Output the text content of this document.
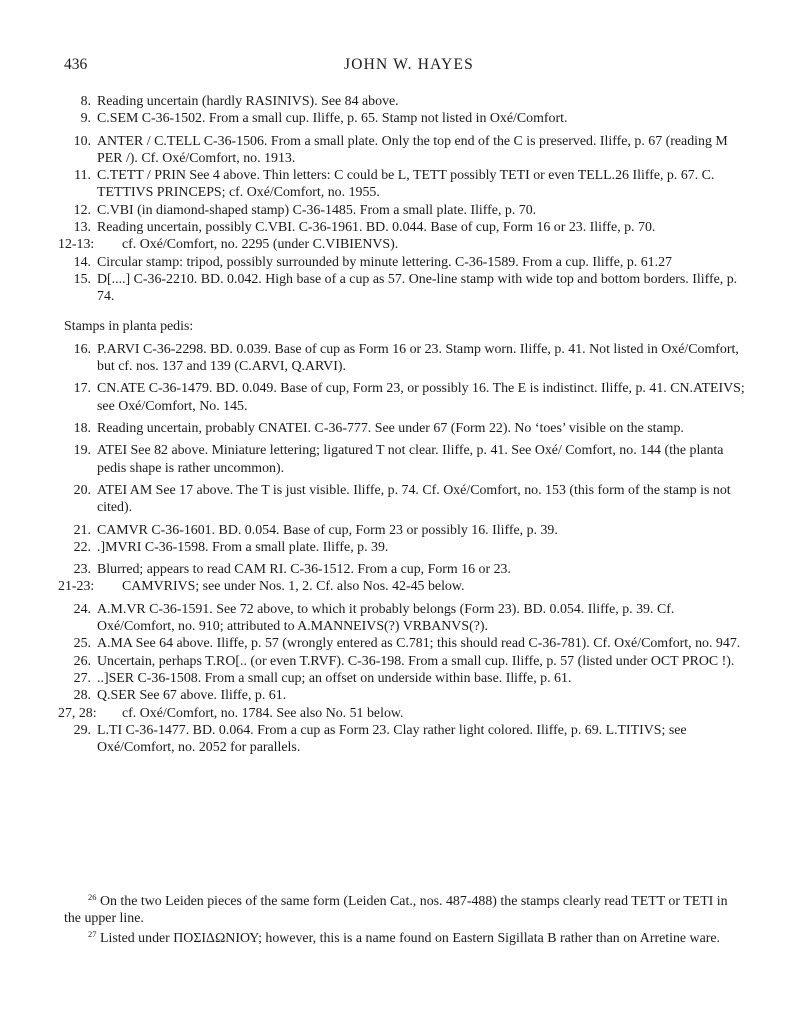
436	JOHN W. HAYES
8. Reading uncertain (hardly RASINIVS). See 84 above.
9. C.SEM C-36-1502. From a small cup. Iliffe, p. 65. Stamp not listed in Oxé/Comfort.
10. ANTER / C.TELL C-36-1506. From a small plate. Only the top end of the C is preserved. Iliffe, p. 67 (reading M PER /). Cf. Oxé/Comfort, no. 1913.
11. C.TETT / PRIN See 4 above. Thin letters: C could be L, TETT possibly TETI or even TELL.26 Iliffe, p. 67. C. TETTIVS PRINCEPS; cf. Oxé/Comfort, no. 1955.
12. C.VBI (in diamond-shaped stamp) C-36-1485. From a small plate. Iliffe, p. 70.
13. Reading uncertain, possibly C.VBI. C-36-1961. BD. 0.044. Base of cup, Form 16 or 23. Iliffe, p. 70.
12-13:	cf. Oxé/Comfort, no. 2295 (under C.VIBIENVS).
14. Circular stamp: tripod, possibly surrounded by minute lettering. C-36-1589. From a cup. Iliffe, p. 61.27
15. D[....] C-36-2210. BD. 0.042. High base of a cup as 57. One-line stamp with wide top and bottom borders. Iliffe, p. 74.
Stamps in planta pedis:
16. P.ARVI C-36-2298. BD. 0.039. Base of cup as Form 16 or 23. Stamp worn. Iliffe, p. 41. Not listed in Oxé/Comfort, but cf. nos. 137 and 139 (C.ARVI, Q.ARVI).
17. CN.ATE C-36-1479. BD. 0.049. Base of cup, Form 23, or possibly 16. The E is indistinct. Iliffe, p. 41. CN.ATEIVS; see Oxé/Comfort, No. 145.
18. Reading uncertain, probably CNATEI. C-36-777. See under 67 (Form 22). No ‘toes’ visible on the stamp.
19. ATEI See 82 above. Miniature lettering; ligatured T not clear. Iliffe, p. 41. See Oxé/ Comfort, no. 144 (the planta pedis shape is rather uncommon).
20. ATEI AM See 17 above. The T is just visible. Iliffe, p. 74. Cf. Oxé/Comfort, no. 153 (this form of the stamp is not cited).
21. CAMVR C-36-1601. BD. 0.054. Base of cup, Form 23 or possibly 16. Iliffe, p. 39.
22. .]MVRI C-36-1598. From a small plate. Iliffe, p. 39.
23. Blurred; appears to read CAM RI. C-36-1512. From a cup, Form 16 or 23.
21-23:	CAMVRIVS; see under Nos. 1, 2. Cf. also Nos. 42-45 below.
24. A.M.VR C-36-1591. See 72 above, to which it probably belongs (Form 23). BD. 0.054. Iliffe, p. 39. Cf. Oxé/Comfort, no. 910; attributed to A.MANNEIVS(?) VRBANVS(?).
25. A.MA See 64 above. Iliffe, p. 57 (wrongly entered as C.781; this should read C-36-781). Cf. Oxé/Comfort, no. 947.
26. Uncertain, perhaps T.RO[.. (or even T.RVF). C-36-198. From a small cup. Iliffe, p. 57 (listed under OCT PROC !).
27. ..]SER C-36-1508. From a small cup; an offset on underside within base. Iliffe, p. 61.
28. Q.SER See 67 above. Iliffe, p. 61.
27, 28:	cf. Oxé/Comfort, no. 1784. See also No. 51 below.
29. L.TI C-36-1477. BD. 0.064. From a cup as Form 23. Clay rather light colored. Iliffe, p. 69. L.TITIVS; see Oxé/Comfort, no. 2052 for parallels.
$^{26}$ On the two Leiden pieces of the same form (Leiden Cat., nos. 487-488) the stamps clearly read TETT or TETI in the upper line.
$^{27}$ Listed under ΠΟΣΙΔΩΝΙΟΥ; however, this is a name found on Eastern Sigillata B rather than on Arretine ware.
